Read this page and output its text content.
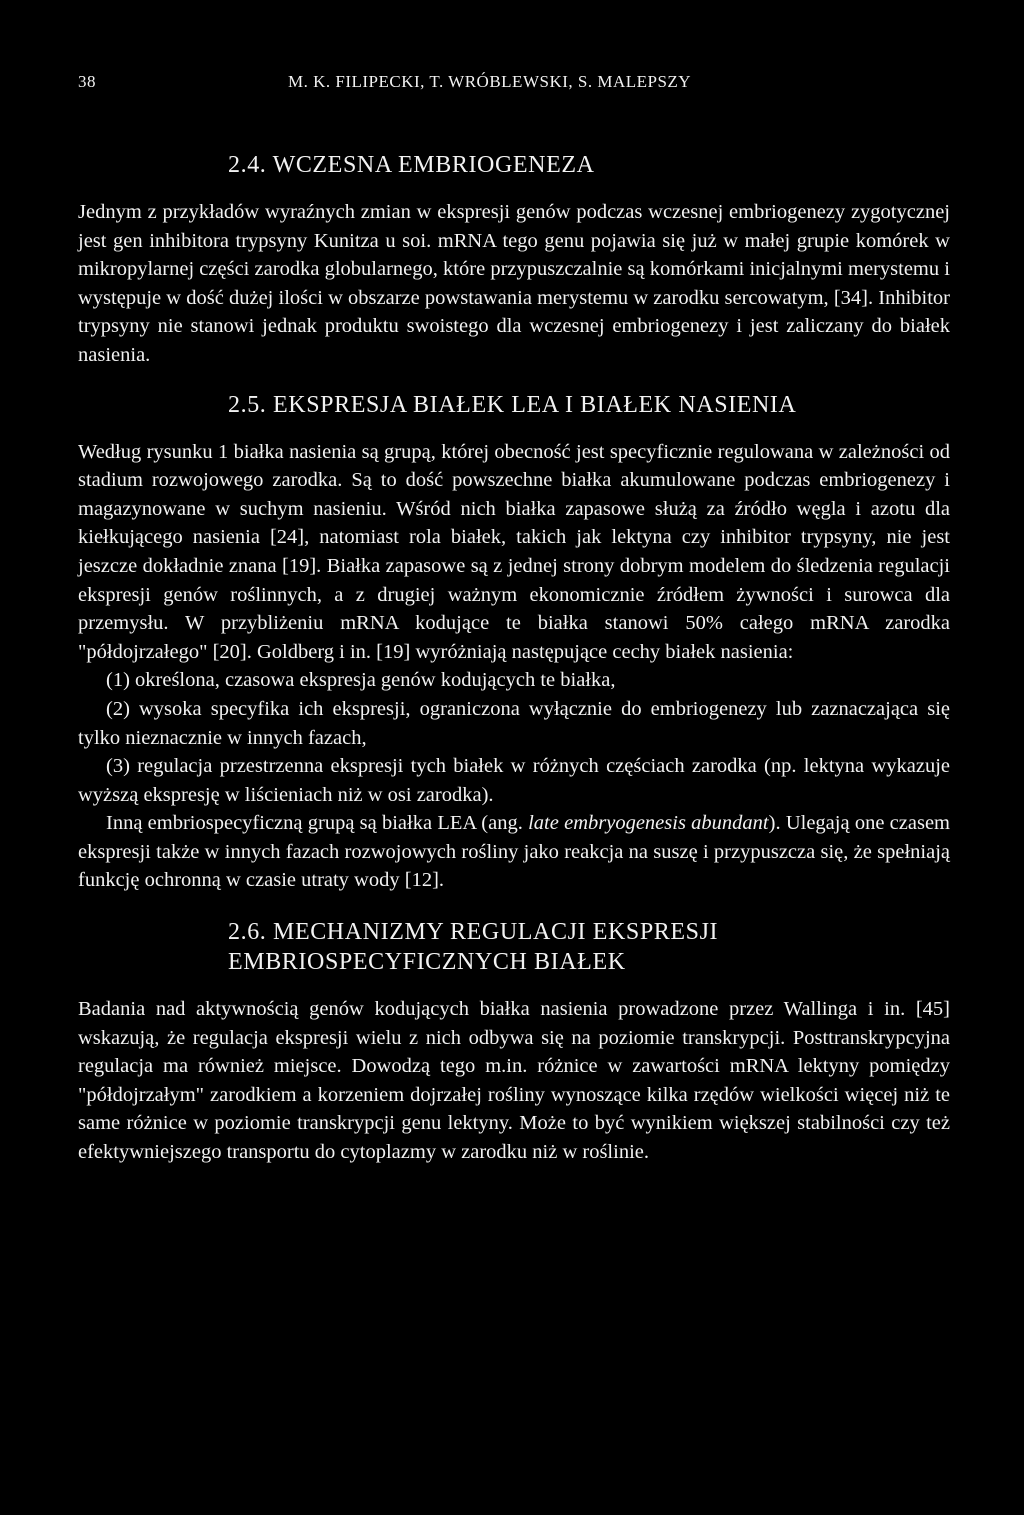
38	M. K. FILIPECKI, T. WRÓBLEWSKI, S. MALEPSZY
2.4. WCZESNA EMBRIOGENEZA

Jednym z przykładów wyraźnych zmian w ekspresji genów podczas wczesnej embriogenezy zygotycznej jest gen inhibitora trypsyny Kunitza u soi. mRNA tego genu pojawia się już w małej grupie komórek w mikropylarnej części zarodka globularnego, które przypuszczalnie są komórkami inicjalnymi merystemu i występuje w dość dużej ilości w obszarze powstawania merystemu w zarodku sercowatym, [34]. Inhibitor trypsyny nie stanowi jednak produktu swoistego dla wczesnej embriogenezy i jest zaliczany do białek nasienia.

2.5. EKSPRESJA BIAŁEK LEA I BIAŁEK NASIENIA

Według rysunku 1 białka nasienia są grupą, której obecność jest specyficznie regulowana w zależności od stadium rozwojowego zarodka. Są to dość powszechne białka akumulowane podczas embriogenezy i magazynowane w suchym nasieniu. Wśród nich białka zapasowe służą za źródło węgla i azotu dla kiełkującego nasienia [24], natomiast rola białek, takich jak lektyna czy inhibitor trypsyny, nie jest jeszcze dokładnie znana [19]. Białka zapasowe są z jednej strony dobrym modelem do śledzenia regulacji ekspresji genów roślinnych, a z drugiej ważnym ekonomicznie źródłem żywności i surowca dla przemysłu. W przybliżeniu mRNA kodujące te białka stanowi 50% całego mRNA zarodka "półdojrzałego" [20]. Goldberg i in. [19] wyróżniają następujące cechy białek nasienia:

(1) określona, czasowa ekspresja genów kodujących te białka,

(2) wysoka specyfika ich ekspresji, ograniczona wyłącznie do embriogenezy lub zaznaczająca się tylko nieznacznie w innych fazach,

(3) regulacja przestrzenna ekspresji tych białek w różnych częściach zarodka (np. lektyna wykazuje wyższą ekspresję w liścieniach niż w osi zarodka).

Inną embriospecyficzną grupą są białka LEA (ang. late embryogenesis abundant). Ulegają one czasem ekspresji także w innych fazach rozwojowych rośliny jako reakcja na suszę i przypuszcza się, że spełniają funkcję ochronną w czasie utraty wody [12].

2.6. MECHANIZMY REGULACJI EKSPRESJI
EMBRIOSPECYFICZNYCH BIAŁEK

Badania nad aktywnością genów kodujących białka nasienia prowadzone przez Wallinga i in. [45] wskazują, że regulacja ekspresji wielu z nich odbywa się na poziomie transkrypcji. Posttranskrypcyjna regulacja ma również miejsce. Dowodzą tego m.in. różnice w zawartości mRNA lektyny pomiędzy "półdojrzałym" zarodkiem a korzeniem dojrzałej rośliny wynoszące kilka rzędów wielkości więcej niż te same różnice w poziomie transkrypcji genu lektyny. Może to być wynikiem większej stabilności czy też efektywniejszego transportu do cytoplazmy w zarodku niż w roślinie.
